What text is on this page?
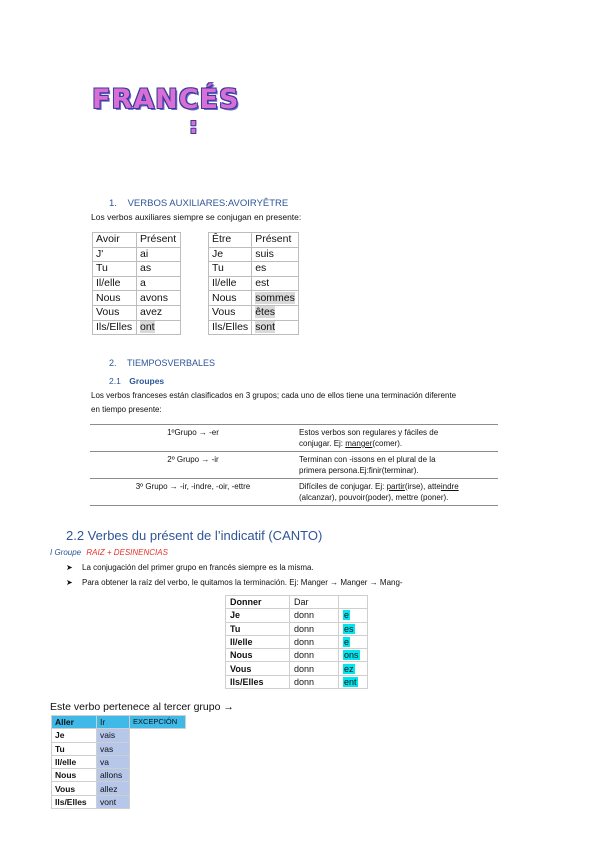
FRANCÉS
:
1. VERBOS AUXILIARES:AVOIRYÊTRE
Los verbos auxiliares siempre se conjugan en presente:
Avoir	Présent
J'	ai
Tu	as
Il/elle	a
Nous	avons
Vous	avez
Ils/Elles	ont
Être	Présent
Je	suis
Tu	es
Il/elle	est
Nous	sommes
Vous	êtes
Ils/Elles	sont
2. TIEMPOSVERBALES
2.1 Groupes
Los verbos franceses están clasificados en 3 grupos; cada uno de ellos tiene una terminación diferente
en tiempo presente:
1ºGrupo → -er	Estos verbos son regulares y fáciles de
conjugar. Ej: manger(comer).

2º Grupo → -ir	Terminan con -issons en el plural de la
primera persona.Ej:finir(terminar).

3º Grupo → -ir, -indre, -oir, -ettre	Difíciles de conjugar. Ej: partir(irse), atteindre
(alcanzar), pouvoir(poder), mettre (poner).
2.2 Verbes du présent de l’indicatif (CANTO)
I Groupe RAIZ + DESINENCIAS
➤ La conjugación del primer grupo en francés siempre es la misma.
➤ Para obtener la raíz del verbo, le quitamos la terminación. Ej: Manger → Manger → Mang-
Donner	Dar	
Je	donn	e
Tu	donn	es
Il/elle	donn	e
Nous	donn	ons
Vous	donn	ez
Ils/Elles	donn	ent
Este verbo pertenece al tercer grupo →
Aller	Ir	EXCEPCIÓN
Je	vais	
Tu	vas	
Il/elle	va	
Nous	allons	
Vous	allez	
Ils/Elles	vont	
